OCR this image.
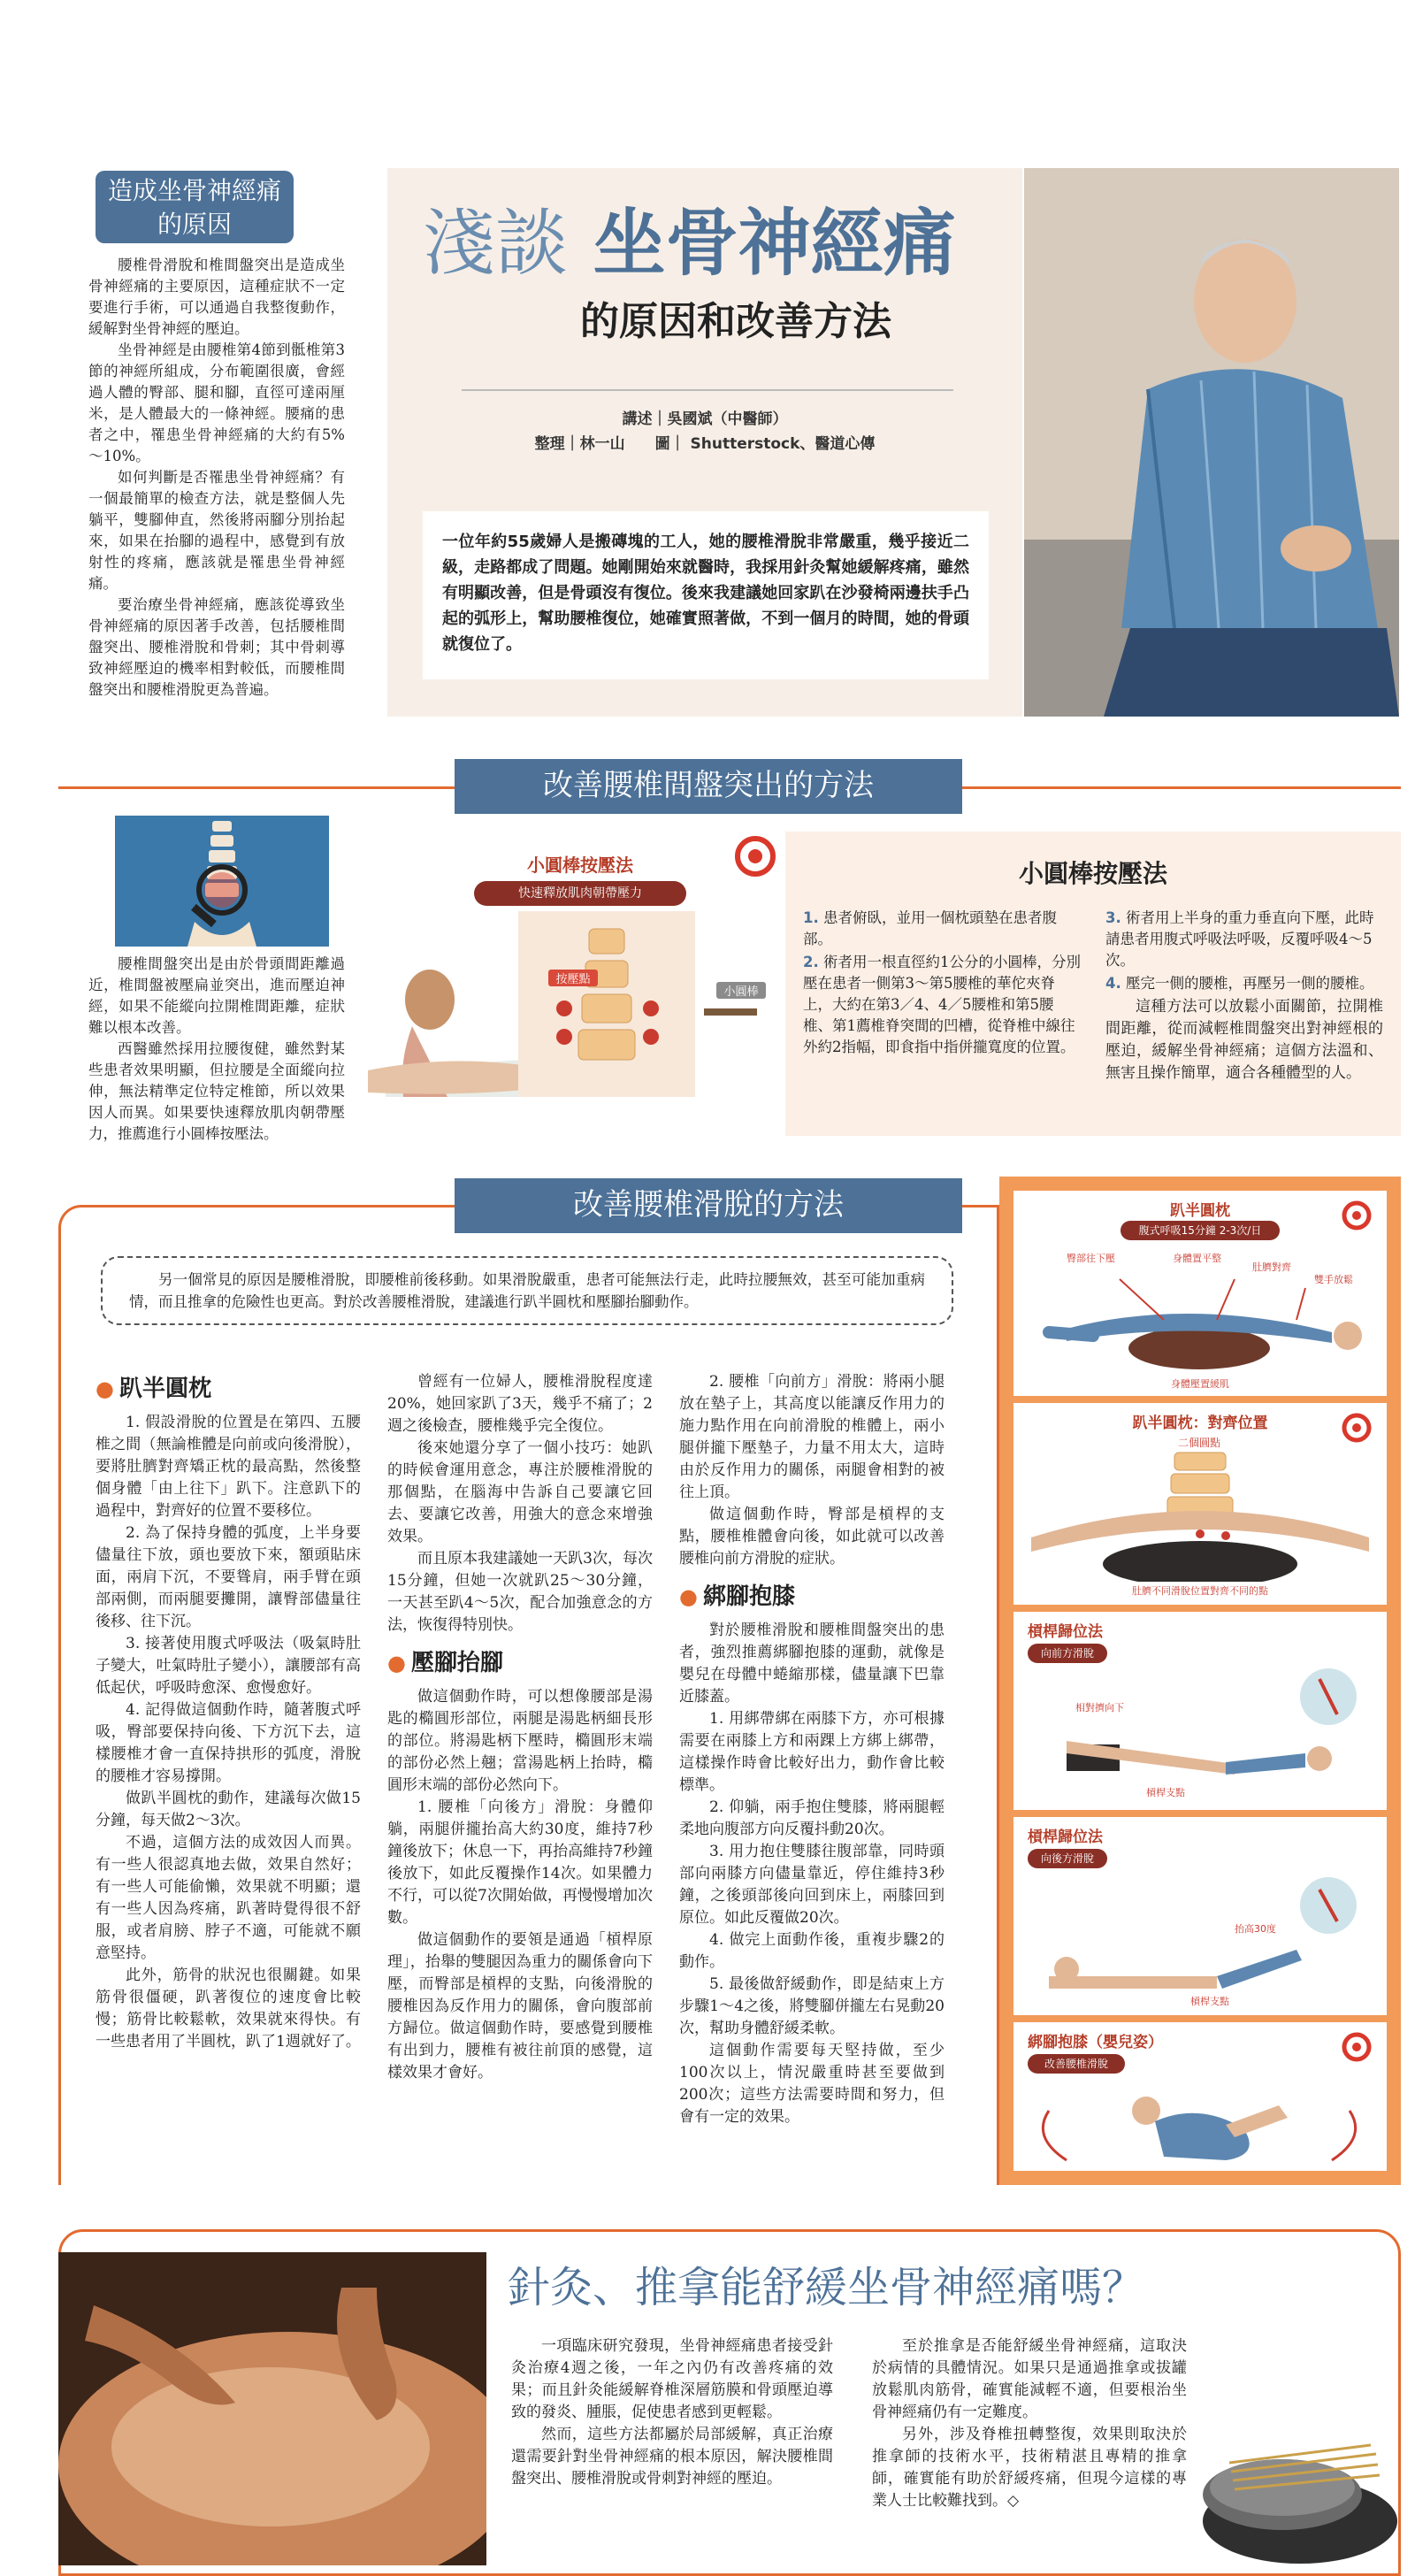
造成坐骨神經痛
的原因

腰椎骨滑脫和椎間盤突出是造成坐骨神經痛的主要原因，這種症狀不一定要進行手術，可以通過自我整復動作，緩解對坐骨神經的壓迫。

坐骨神經是由腰椎第4節到骶椎第3節的神經所組成，分布範圍很廣，會經過人體的臀部、腿和腳，直徑可達兩厘米，是人體最大的一條神經。腰痛的患者之中，罹患坐骨神經痛的大約有5%～10%。

如何判斷是否罹患坐骨神經痛？有一個最簡單的檢查方法，就是整個人先躺平，雙腳伸直，然後將兩腳分別抬起來，如果在抬腳的過程中，感覺到有放射性的疼痛，應該就是罹患坐骨神經痛。

要治療坐骨神經痛，應該從導致坐骨神經痛的原因著手改善，包括腰椎間盤突出、腰椎滑脫和骨刺；其中骨刺導致神經壓迫的機率相對較低，而腰椎間盤突出和腰椎滑脫更為普遍。

淺談 坐骨神經痛
的原因和改善方法
講述｜吳國斌（中醫師）
整理｜林一山　　圖｜ Shutterstock、醫道心傳
一位年約55歲婦人是搬磚塊的工人，她的腰椎滑脫非常嚴重，幾乎接近二級，走路都成了問題。她剛開始來就醫時，我採用針灸幫她緩解疼痛，雖然有明顯改善，但是骨頭沒有復位。後來我建議她回家趴在沙發椅兩邊扶手凸起的弧形上，幫助腰椎復位，她確實照著做，不到一個月的時間，她的骨頭就復位了。
改善腰椎間盤突出的方法

腰椎間盤突出是由於骨頭間距離過近，椎間盤被壓扁並突出，進而壓迫神經，如果不能縱向拉開椎間距離，症狀難以根本改善。

西醫雖然採用拉腰復健，雖然對某些患者效果明顯，但拉腰是全面縱向拉伸，無法精準定位特定椎節，所以效果因人而異。如果要快速釋放肌肉朝帶壓力，推薦進行小圓棒按壓法。

小圓棒按壓法
快速釋放肌肉朝帶壓力
按壓點
小圓棒
小圓棒按壓法
1. 患者俯臥，並用一個枕頭墊在患者腹部。
2. 術者用一根直徑約1公分的小圓棒，分別壓在患者一側第3～第5腰椎的華佗夾脊上，大約在第3／4、4／5腰椎和第5腰椎、第1薦椎脊突間的凹槽，從脊椎中線往外約2指幅，即食指中指併攏寬度的位置。
3. 術者用上半身的重力垂直向下壓，此時請患者用腹式呼吸法呼吸，反覆呼吸4～5次。
4. 壓完一側的腰椎，再壓另一側的腰椎。

這種方法可以放鬆小面關節，拉開椎間距離，從而減輕椎間盤突出對神經根的壓迫，緩解坐骨神經痛；這個方法溫和、無害且操作簡單，適合各種體型的人。

改善腰椎滑脫的方法
另一個常見的原因是腰椎滑脫，即腰椎前後移動。如果滑脫嚴重，患者可能無法行走，此時拉腰無效，甚至可能加重病情，而且推拿的危險性也更高。對於改善腰椎滑脫，建議進行趴半圓枕和壓腳抬腳動作。
● 趴半圓枕

1. 假設滑脫的位置是在第四、五腰椎之間（無論椎體是向前或向後滑脫），要將肚臍對齊矯正枕的最高點，然後整個身體「由上往下」趴下。注意趴下的過程中，對齊好的位置不要移位。

2. 為了保持身體的弧度，上半身要儘量往下放，頭也要放下來，額頭貼床面，兩肩下沉，不要聳肩，兩手臂在頭部兩側，而兩腿要攤開，讓臀部儘量往後移、往下沉。

3. 接著使用腹式呼吸法（吸氣時肚子變大，吐氣時肚子變小），讓腰部有高低起伏，呼吸時愈深、愈慢愈好。

4. 記得做這個動作時，隨著腹式呼吸，臀部要保持向後、下方沉下去，這樣腰椎才會一直保持拱形的弧度，滑脫的腰椎才容易撐開。

做趴半圓枕的動作，建議每次做15分鐘，每天做2～3次。

不過，這個方法的成效因人而異。有一些人很認真地去做，效果自然好；有一些人可能偷懶，效果就不明顯；還有一些人因為疼痛，趴著時覺得很不舒服，或者肩膀、脖子不適，可能就不願意堅持。

此外，筋骨的狀況也很關鍵。如果筋骨很僵硬，趴著復位的速度會比較慢；筋骨比較鬆軟，效果就來得快。有一些患者用了半圓枕，趴了1週就好了。

曾經有一位婦人，腰椎滑脫程度達20%，她回家趴了3天，幾乎不痛了；2週之後檢查，腰椎幾乎完全復位。

後來她還分享了一個小技巧：她趴的時候會運用意念，專注於腰椎滑脫的那個點，在腦海中告訴自己要讓它回去、要讓它改善，用強大的意念來增強效果。

而且原本我建議她一天趴3次，每次15分鐘，但她一次就趴25～30分鐘，一天甚至趴4～5次，配合加強意念的方法，恢復得特別快。

● 壓腳抬腳

做這個動作時，可以想像腰部是湯匙的橢圓形部位，兩腿是湯匙柄細長形的部位。將湯匙柄下壓時，橢圓形末端的部份必然上翹；當湯匙柄上抬時，橢圓形末端的部份必然向下。

1. 腰椎「向後方」滑脫：身體仰躺，兩腿併攏抬高大約30度，維持7秒鐘後放下；休息一下，再抬高維持7秒鐘後放下，如此反覆操作14次。如果體力不行，可以從7次開始做，再慢慢增加次數。

做這個動作的要領是通過「槓桿原理」，抬舉的雙腿因為重力的關係會向下壓，而臀部是槓桿的支點，向後滑脫的腰椎因為反作用力的關係，會向腹部前方歸位。做這個動作時，要感覺到腰椎有出到力，腰椎有被往前頂的感覺，這樣效果才會好。

2. 腰椎「向前方」滑脫：將兩小腿放在墊子上，其高度以能讓反作用力的施力點作用在向前滑脫的椎體上，兩小腿併攏下壓墊子，力量不用太大，這時由於反作用力的關係，兩腿會相對的被往上頂。

做這個動作時，臀部是槓桿的支點，腰椎椎體會向後，如此就可以改善腰椎向前方滑脫的症狀。

● 綁腳抱膝

對於腰椎滑脫和腰椎間盤突出的患者，強烈推薦綁腳抱膝的運動，就像是嬰兒在母體中蜷縮那樣，儘量讓下巴靠近膝蓋。

1. 用綁帶綁在兩膝下方，亦可根據需要在兩膝上方和兩踝上方綁上綁帶，這樣操作時會比較好出力，動作會比較標準。

2. 仰躺，兩手抱住雙膝，將兩腿輕柔地向腹部方向反覆抖動20次。

3. 用力抱住雙膝往腹部靠，同時頭部向兩膝方向儘量靠近，停住維持3秒鐘，之後頭部後向回到床上，兩膝回到原位。如此反覆做20次。

4. 做完上面動作後，重複步驟2的動作。

5. 最後做舒緩動作，即是結束上方步驟1～4之後，將雙腳併攏左右晃動20次，幫助身體舒緩柔軟。

這個動作需要每天堅持做，至少100次以上，情況嚴重時甚至要做到200次；這些方法需要時間和努力，但會有一定的效果。

趴半圓枕
腹式呼吸15分鐘 2-3次/日
臀部往下壓	身體置平整
肚臍對齊
雙手放鬆
身體壓置緩肌
趴半圓枕：對齊位置
二個圓點
肚臍不同滑脫位置對齊不同的點
槓桿歸位法
向前方滑脫
相對擠向下
槓桿支點
槓桿歸位法
向後方滑脫
抬高30度
槓桿支點
綁腳抱膝（嬰兒姿）
改善腰椎滑脫
針灸、推拿能舒緩坐骨神經痛嗎？

一項臨床研究發現，坐骨神經痛患者接受針灸治療4週之後，一年之內仍有改善疼痛的效果；而且針灸能緩解脊椎深層筋膜和骨頭壓迫導致的發炎、腫脹，促使患者感到更輕鬆。

然而，這些方法都屬於局部緩解，真正治療還需要針對坐骨神經痛的根本原因，解決腰椎間盤突出、腰椎滑脫或骨刺對神經的壓迫。

至於推拿是否能舒緩坐骨神經痛，這取決於病情的具體情況。如果只是通過推拿或拔罐放鬆肌肉筋骨，確實能減輕不適，但要根治坐骨神經痛仍有一定難度。

另外，涉及脊椎扭轉整復，效果則取決於推拿師的技術水平，技術精湛且專精的推拿師，確實能有助於舒緩疼痛，但現今這樣的專業人士比較難找到。◇
